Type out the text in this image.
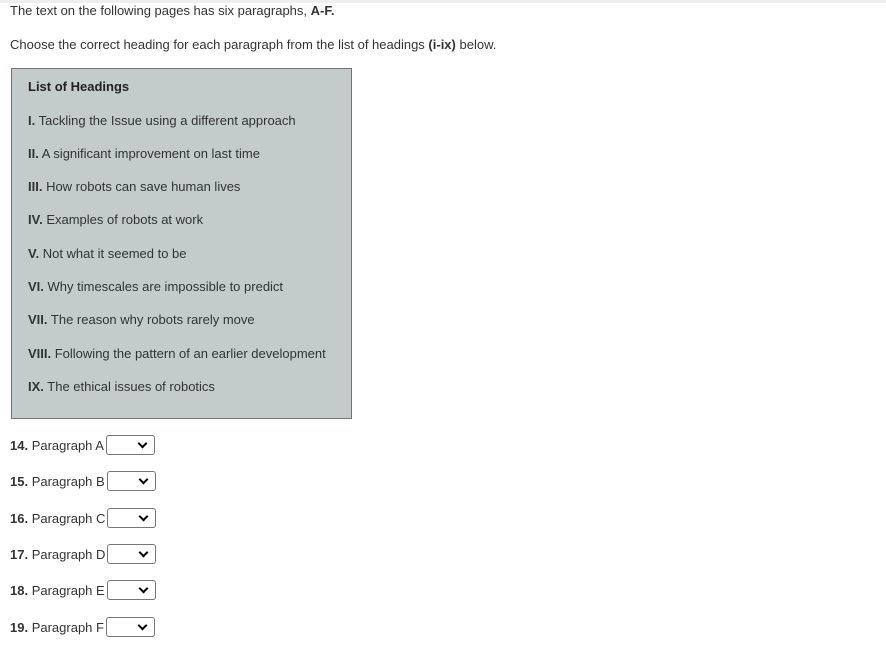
The text on the following pages has six paragraphs, A-F.
Choose the correct heading for each paragraph from the list of headings (i-ix) below.
List of Headings
I. Tackling the Issue using a different approach
II. A significant improvement on last time
III. How robots can save human lives
IV. Examples of robots at work
V. Not what it seemed to be
VI. Why timescales are impossible to predict
VII. The reason why robots rarely move
VIII. Following the pattern of an earlier development
IX. The ethical issues of robotics
14. Paragraph A
15. Paragraph B
16. Paragraph C
17. Paragraph D
18. Paragraph E
19. Paragraph F
